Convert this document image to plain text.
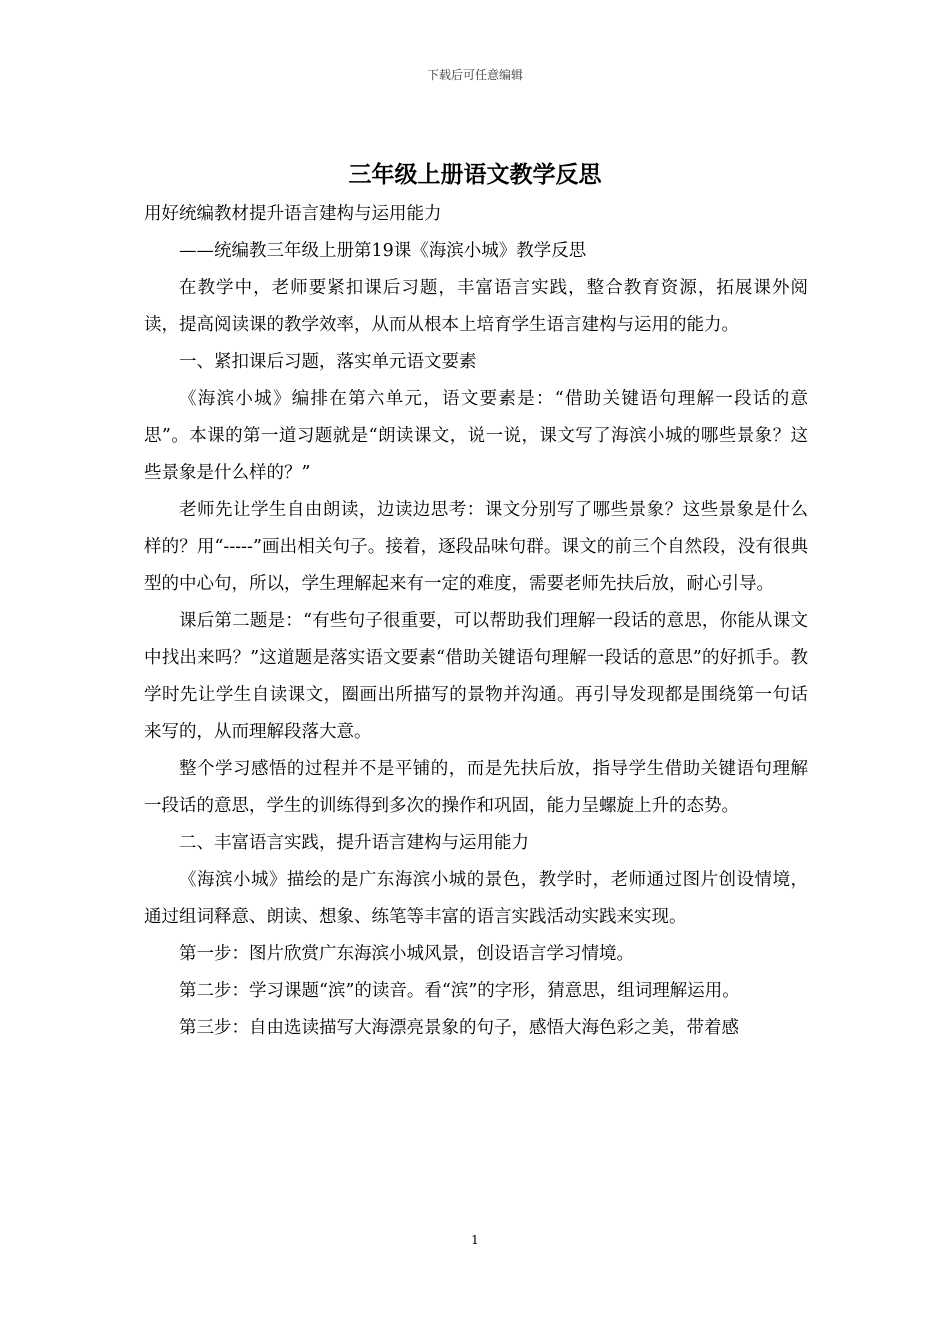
下载后可任意编辑
三年级上册语文教学反思

用好统编教材提升语言建构与运用能力

——统编教三年级上册第19课《海滨小城》教学反思

在教学中，老师要紧扣课后习题，丰富语言实践，整合教育资源，拓展课外阅读，提高阅读课的教学效率，从而从根本上培育学生语言建构与运用的能力。

一、紧扣课后习题，落实单元语文要素

《海滨小城》编排在第六单元，语文要素是：“借助关键语句理解一段话的意思”。本课的第一道习题就是“朗读课文，说一说，课文写了海滨小城的哪些景象？这些景象是什么样的？”

老师先让学生自由朗读，边读边思考：课文分别写了哪些景象？这些景象是什么样的？用“-----”画出相关句子。接着，逐段品味句群。课文的前三个自然段，没有很典型的中心句，所以，学生理解起来有一定的难度，需要老师先扶后放，耐心引导。

课后第二题是：“有些句子很重要，可以帮助我们理解一段话的意思，你能从课文中找出来吗？”这道题是落实语文要素“借助关键语句理解一段话的意思”的好抓手。教学时先让学生自读课文，圈画出所描写的景物并沟通。再引导发现都是围绕第一句话来写的，从而理解段落大意。

整个学习感悟的过程并不是平铺的，而是先扶后放，指导学生借助关键语句理解一段话的意思，学生的训练得到多次的操作和巩固，能力呈螺旋上升的态势。

二、丰富语言实践，提升语言建构与运用能力

《海滨小城》描绘的是广东海滨小城的景色，教学时，老师通过图片创设情境，通过组词释意、朗读、想象、练笔等丰富的语言实践活动实践来实现。

第一步：图片欣赏广东海滨小城风景，创设语言学习情境。

第二步：学习课题“滨”的读音。看“滨”的字形，猜意思，组词理解运用。

第三步：自由选读描写大海漂亮景象的句子，感悟大海色彩之美，带着感

1
